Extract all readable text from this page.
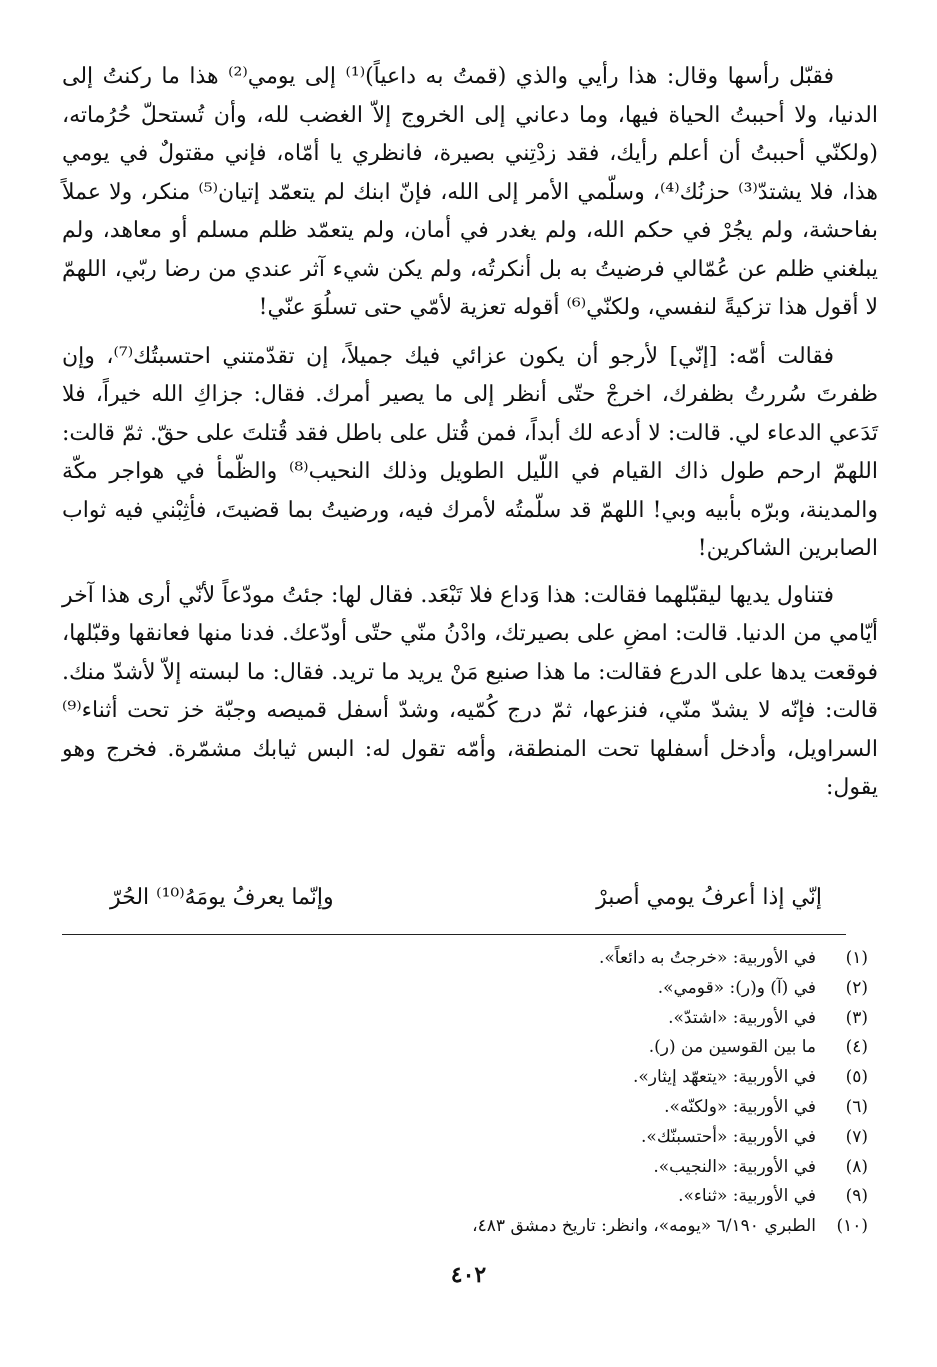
فقبّل رأسها وقال: هذا رأيي والذي (قمتُ به داعياً)⁽¹⁾ إلى يومي⁽²⁾ هذا ما ركنتُ إلى الدنيا، ولا أحببتُ الحياة فيها، وما دعاني إلى الخروج إلاّ الغضب لله، وأن تُستحلّ حُرُماته، (ولكنّي أحببتُ أن أعلم رأيك، فقد زدْتِني بصيرة، فانظري يا أمّاه، فإني مقتولٌ في يومي هذا، فلا يشتدّ⁽³⁾ حزنُك⁽⁴⁾، وسلّمي الأمر إلى الله، فإنّ ابنك لم يتعمّد إتيان⁽⁵⁾ منكر، ولا عملاً بفاحشة، ولم يجُرْ في حكم الله، ولم يغدر في أمان، ولم يتعمّد ظلم مسلم أو معاهد، ولم يبلغني ظلم عن عُمّالي فرضيتُ به بل أنكرتُه، ولم يكن شيء آثر عندي من رضا ربّي، اللهمّ لا أقول هذا تزكيةً لنفسي، ولكنّي⁽⁶⁾ أقوله تعزية لأمّي حتى تسلُوَ عنّي!

فقالت أمّه: [إنّي] لأرجو أن يكون عزائي فيك جميلاً، إن تقدّمتني احتسبتُك⁽⁷⁾، وإن ظفرتَ سُررتُ بظفرك، اخرجْ حتّى أنظر إلى ما يصير أمرك. فقال: جزاكِ الله خيراً، فلا تَدَعي الدعاء لي. قالت: لا أدعه لك أبداً، فمن قُتل على باطل فقد قُتلتَ على حقّ. ثمّ قالت: اللهمّ ارحم طول ذاك القيام في اللّيل الطويل وذلك النحيب⁽⁸⁾ والظّمأ في هواجر مكّة والمدينة، وبرّه بأبيه وبي! اللهمّ قد سلّمتُه لأمرك فيه، ورضيتُ بما قضيتَ، فأثِبْني فيه ثواب الصابرين الشاكرين!

فتناول يديها ليقبّلهما فقالت: هذا وَداع فلا تَبْعَد. فقال لها: جئتُ مودّعاً لأنّي أرى هذا آخر أيّامي من الدنيا. قالت: امضِ على بصيرتك، وادْنُ منّي حتّى أودّعك. فدنا منها فعانقها وقبّلها، فوقعت يدها على الدرع فقالت: ما هذا صنيع مَنْ يريد ما تريد. فقال: ما لبسته إلاّ لأشدّ منك. قالت: فإنّه لا يشدّ منّي، فنزعها، ثمّ درج كُمّيه، وشدّ أسفل قميصه وجبّة خز تحت أثناء⁽⁹⁾ السراويل، وأدخل أسفلها تحت المنطقة، وأمّه تقول له: البس ثيابك مشمّرة. فخرج وهو يقول:

إنّي إذا أعرفُ يومي أصبرْ
وإنّما يعرفُ يومَهُ⁽¹⁰⁾ الحُرّ
(١)في الأوربية: «خرجتُ به دائعاً».
(٢)في (آ) و(ر): «قومي».
(٣)في الأوربية: «اشتدّ».
(٤)ما بين القوسين من (ر).
(٥)في الأوربية: «يتعهّد إيثار».
(٦)في الأوربية: «ولكنّه».
(٧)في الأوربية: «أحتسبنّك».
(٨)في الأوربية: «النجيب».
(٩)في الأوربية: «ثناء».
(١٠)الطبري ٦/١٩٠ «يومه»، وانظر: تاريخ دمشق ٤٨٣،
٤٠٢
